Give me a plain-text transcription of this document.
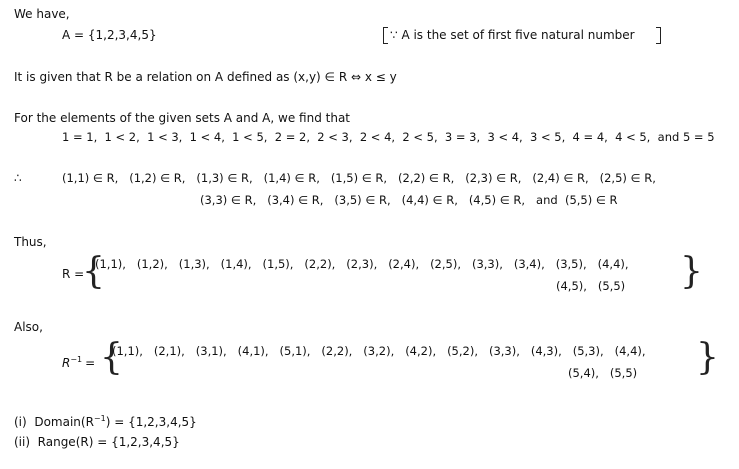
We have,
A = {1,2,3,4,5}	∵ A is the set of first five natural number
It is given that R be a relation on A defined as (x,y) ∈ R ⇔ x ≤ y
For the elements of the given sets A and A, we find that
1 = 1,  1 < 2,  1 < 3,  1 < 4,  1 < 5,  2 = 2,  2 < 3,  2 < 4,  2 < 5,  3 = 3,  3 < 4,  3 < 5,  4 = 4,  4 < 5,  and 5 = 5
∴	(1,1) ∈ R,   (1,2) ∈ R,   (1,3) ∈ R,   (1,4) ∈ R,   (1,5) ∈ R,   (2,2) ∈ R,   (2,3) ∈ R,   (2,4) ∈ R,   (2,5) ∈ R,
(3,3) ∈ R,   (3,4) ∈ R,   (3,5) ∈ R,   (4,4) ∈ R,   (4,5) ∈ R,   and  (5,5) ∈ R
Thus,
R =
{
(1,1),   (1,2),   (1,3),   (1,4),   (1,5),   (2,2),   (2,3),   (2,4),   (2,5),   (3,3),   (3,4),   (3,5),   (4,4),
(4,5),   (5,5) }
Also,
$R^{-1}$ = {
(1,1),   (2,1),   (3,1),   (4,1),   (5,1),   (2,2),   (3,2),   (4,2),   (5,2),   (3,3),   (4,3),   (5,3),   (4,4),
(5,4),   (5,5) }
(i)  $Domain(R^{-1}) = \{1,2,3,4,5\}$
(ii)  Range(R) = {1,2,3,4,5}
